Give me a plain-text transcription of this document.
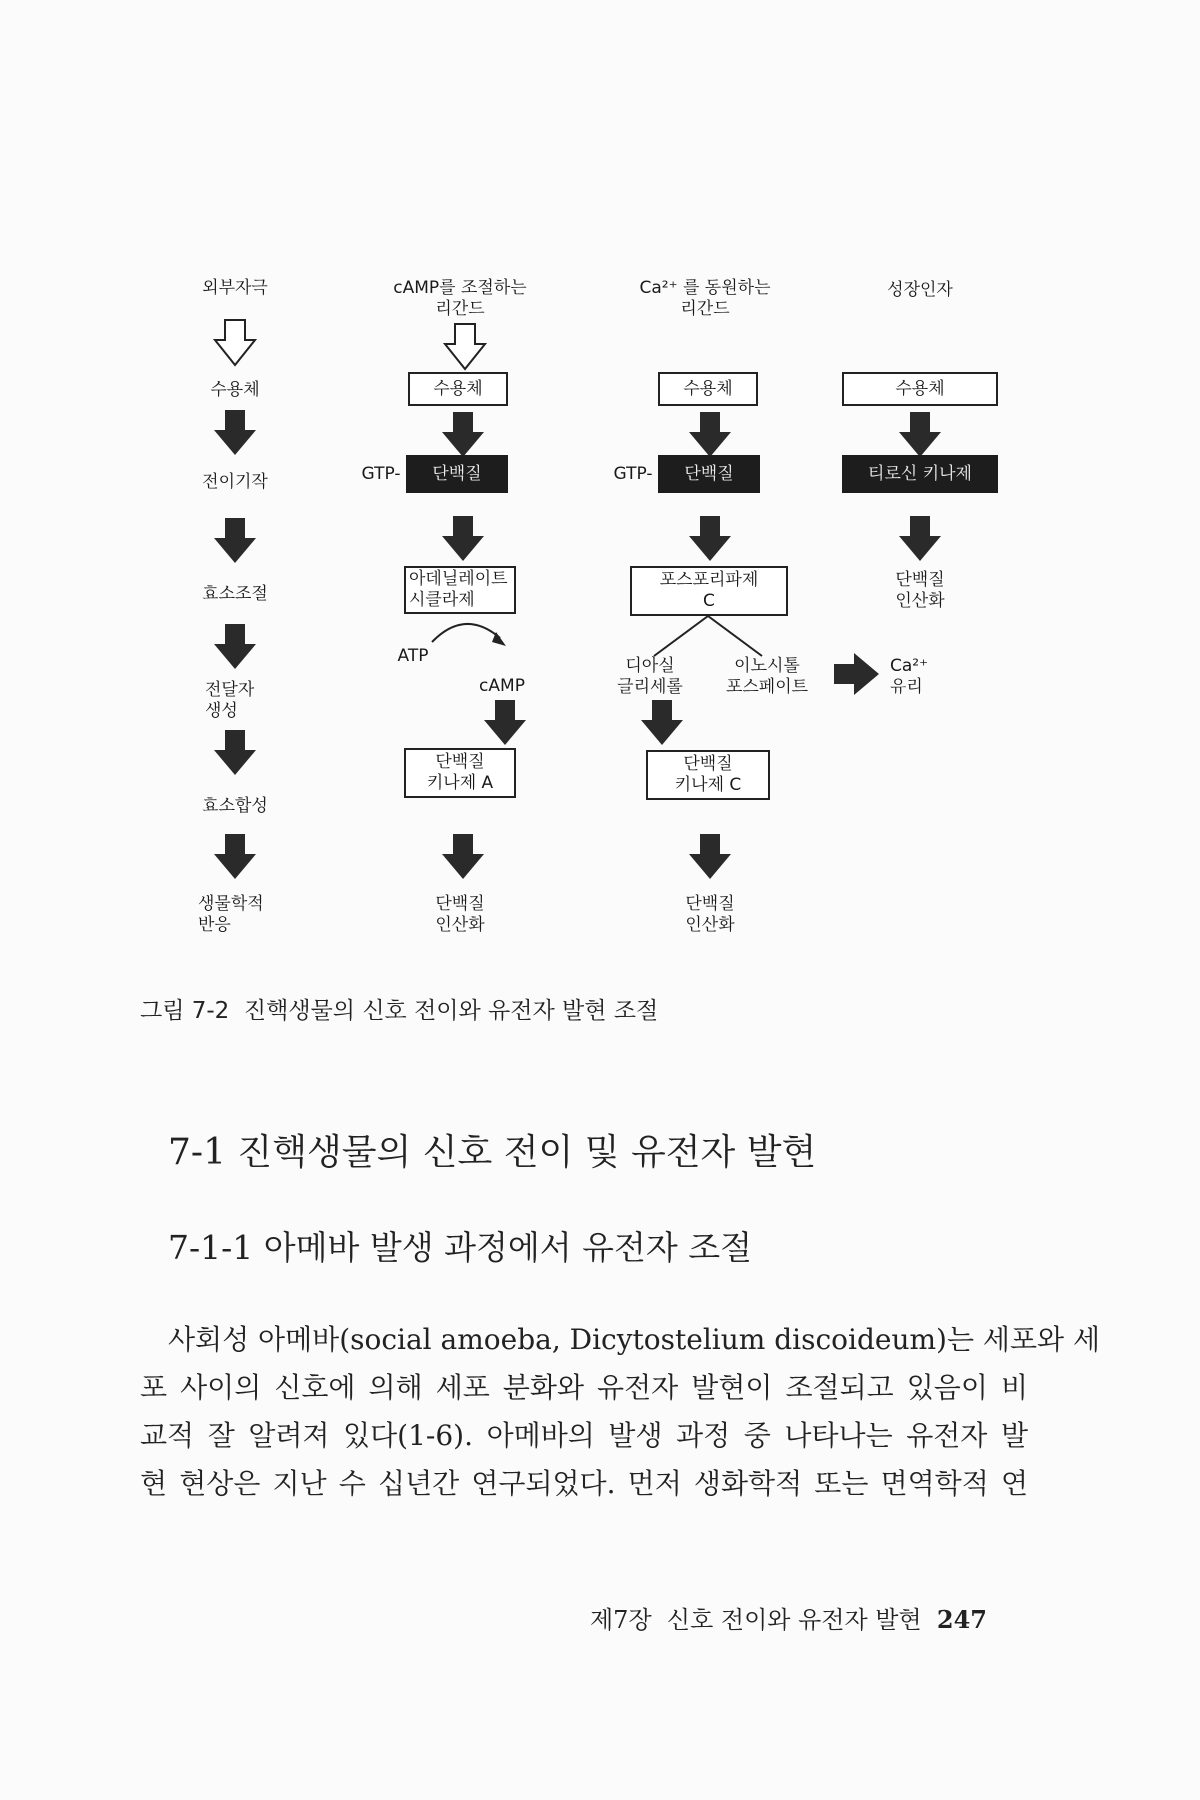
외부자극
수용체
전이기작
효소조절
전달자
생성
효소합성
생물학적
반응
cAMP를 조절하는
리간드
수용체
GTP-	단백질
아데닐레이트
시클라제
ATP
cAMP
단백질
키나제 A
단백질
인산화
Ca²⁺ 를 동원하는
리간드
수용체
GTP-	단백질
포스포리파제
C
디아실
글리세롤
이노시톨
포스페이트
단백질
키나제 C
단백질
인산화
성장인자
수용체
티로신 키나제
단백질
인산화
Ca²⁺
유리
그림 7-2  진핵생물의 신호 전이와 유전자 발현 조절
7-1 진핵생물의 신호 전이 및 유전자 발현
7-1-1 아메바 발생 과정에서 유전자 조절
사회성 아메바(social amoeba, Dicytostelium discoideum)는 세포와 세
포 사이의 신호에 의해 세포 분화와 유전자 발현이 조절되고 있음이 비
교적 잘 알려져 있다(1-6). 아메바의 발생 과정 중 나타나는 유전자 발
현 현상은 지난 수 십년간 연구되었다. 먼저 생화학적 또는 면역학적 연
제7장  신호 전이와 유전자 발현 247
